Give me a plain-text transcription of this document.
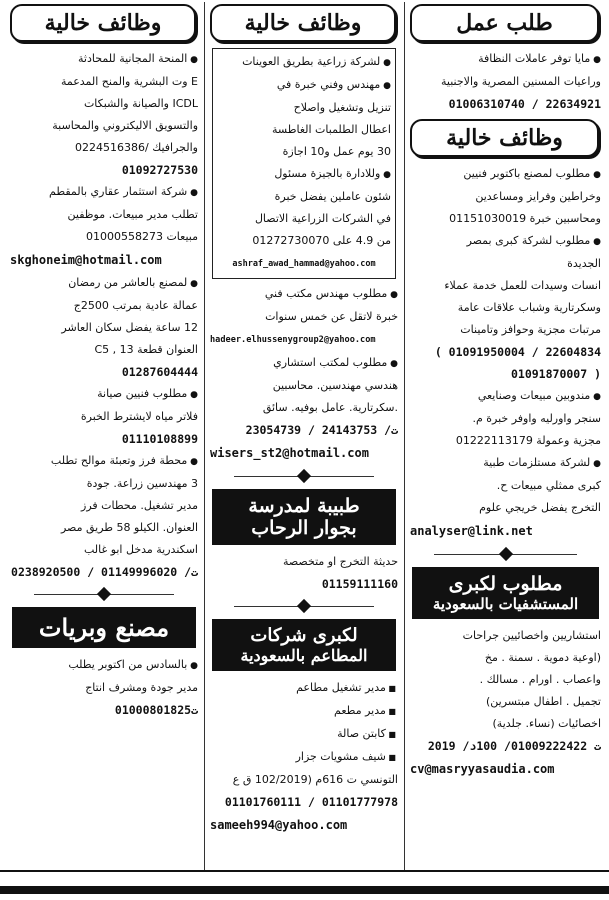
طلب عمل
● مايا توفر عاملات النظافة
وراعيات المسنين المصرية والاجنبية
01006310740 / 22634921
وظائف خالية
● مطلوب لمصنع باكتوبر فنيين
وخراطين وفرايز ومساعدين
ومحاسبين خبرة 01151030019
● مطلوب لشركة كبرى بمصر
الجديدة
انسات وسيدات للعمل خدمة عملاء
وسكرتارية وشباب علاقات عامة
مرتبات مجزية وحوافز وتامينات
( 01091950004 / 22604834
01091870007 )
● مندوبين مبيعات وصنايعي
سنجر واورليه واوفر خبرة م.
مجزية وعمولة 01222113179
● لشركة مستلزمات طبية
كبرى ممثلي مبيعات ح.
التخرج يفضل خريجي علوم
analyser@link.net
مطلوب لكبرى
المستشفيات بالسعودية
استشاريين واخصائيين جراحات
(اوعية دموية . سمنة . مخ
واعصاب . اورام . مسالك .
تجميل . اطفال مبتسرين)
اخصائيات (نساء. جلدية)
ت 01009222422/ 100د/ 2019
cv@masryyasaudia.com
وظائف خالية
● لشركة زراعية بطريق العوينات
● مهندس وفني خبرة في
تنزيل وتشغيل واصلاح
اعطال الطلمبات الغاطسة
30 يوم عمل و10 اجازة
● وللادارة بالجيزة مسئول
شئون عاملين يفضل خبرة
في الشركات الزراعية الاتصال
من 4.9 على 01272730070
ashraf_awad_hammad@yahoo.com
● مطلوب مهندس مكتب فني
خبرة لاتقل عن خمس سنوات
hadeer.elhussenygroup2@yahoo.com
● مطلوب لمكتب استشاري
هندسي مهندسين. محاسبين
.سكرتارية. عامل بوفيه. سائق
ت/ 24143753 / 23054739
wisers_st2@hotmail.com
طبيبة لمدرسة
بجوار الرحاب
حديثة التخرج او متخصصة
01159111160
لكبرى شركات
المطاعم بالسعودية
■ مدير تشغيل مطاعم
■ مدير مطعم
■ كابتن صالة
■ شيف مشويات جزار
التونسي ت 616م (102/2019 ق ع
01101760111 / 01101777978
sameeh994@yahoo.com
وظائف خالية
● المنحة المجانية للمحادثة
E وت البشرية والمنح المدعمة
ICDL والصيانة والشبكات
والتسويق الاليكتروني والمحاسبة
والجرافيك /0224516386
01092727530
● شركة استثمار عقاري بالمقطم
تطلب مدير مبيعات. موظفين
مبيعات 01000558273
skghoneim@hotmail.com
● لمصنع بالعاشر من رمضان
عمالة عادية بمرتب 2500ج
12 ساعة يفضل سكان العاشر
العنوان قطعة 13 , C5
01287604444
● مطلوب فنيين صيانة
فلاتر مياه لايشترط الخبرة
01110108899
● محطة فرز وتعبئة موالح تطلب
3 مهندسين زراعة. جودة
مدير تشغيل. محطات فرز
العنوان. الكيلو 58 طريق مصر
اسكندرية مدخل ابو غالب
0238920500 / 01149996020 /ت
مصنع وبريات
● بالسادس من اكتوبر يطلب
مدير جودة ومشرف انتاج
ت01000801825
